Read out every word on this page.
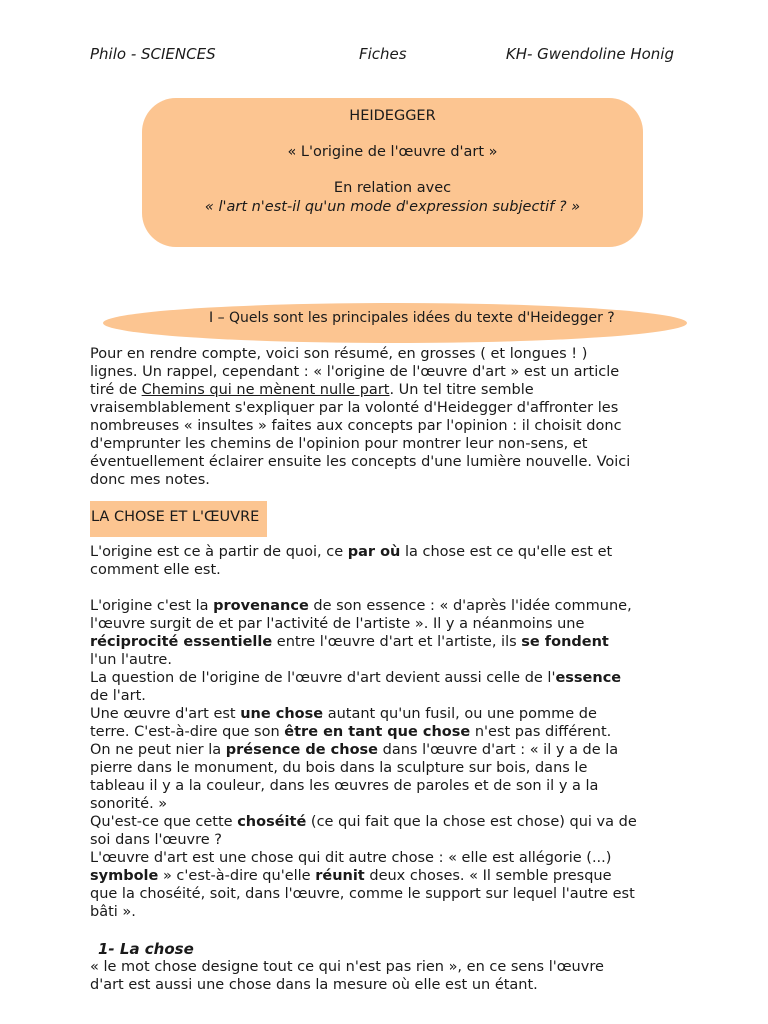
Philo - SCIENCES	Fiches	KH- Gwendoline Honig
HEIDEGGER
« L'origine de l'œuvre d'art »
En relation avec
« l'art n'est-il qu'un mode d'expression subjectif ? »
I – Quels sont les principales idées du texte d'Heidegger ?
Pour en rendre compte, voici son résumé, en grosses ( et longues ! )
lignes. Un rappel, cependant : « l'origine de l'œuvre d'art » est un article
tiré de Chemins qui ne mènent nulle part. Un tel titre semble
vraisemblablement s'expliquer par la volonté d'Heidegger d'affronter les
nombreuses « insultes » faites aux concepts par l'opinion : il choisit donc
d'emprunter les chemins de l'opinion pour montrer leur non-sens, et
éventuellement éclairer ensuite les concepts d'une lumière nouvelle. Voici
donc mes notes.
LA CHOSE ET L'ŒUVRE
L'origine est ce à partir de quoi, ce par où la chose est ce qu'elle est et
comment elle est.
L'origine c'est la provenance de son essence : « d'après l'idée commune,
l'œuvre surgit de et par l'activité de l'artiste ». Il y a néanmoins une
réciprocité essentielle entre l'œuvre d'art et l'artiste, ils se fondent
l'un l'autre.
La question de l'origine de l'œuvre d'art devient aussi celle de l'essence
de l'art.
Une œuvre d'art est une chose autant qu'un fusil, ou une pomme de
terre. C'est-à-dire que son être en tant que chose n'est pas différent.
On ne peut nier la présence de chose dans l'œuvre d'art : « il y a de la
pierre dans le monument, du bois dans la sculpture sur bois, dans le
tableau il y a la couleur, dans les œuvres de paroles et de son il y a la
sonorité. »
Qu'est-ce que cette choséité (ce qui fait que la chose est chose) qui va de
soi dans l'œuvre ?
L'œuvre d'art est une chose qui dit autre chose : « elle est allégorie (...)
symbole » c'est-à-dire qu'elle réunit deux choses. « Il semble presque
que la choséité, soit, dans l'œuvre, comme le support sur lequel l'autre est
bâti ».
1- La chose
« le mot chose designe tout ce qui n'est pas rien », en ce sens l'œuvre
d'art est aussi une chose dans la mesure où elle est un étant.
